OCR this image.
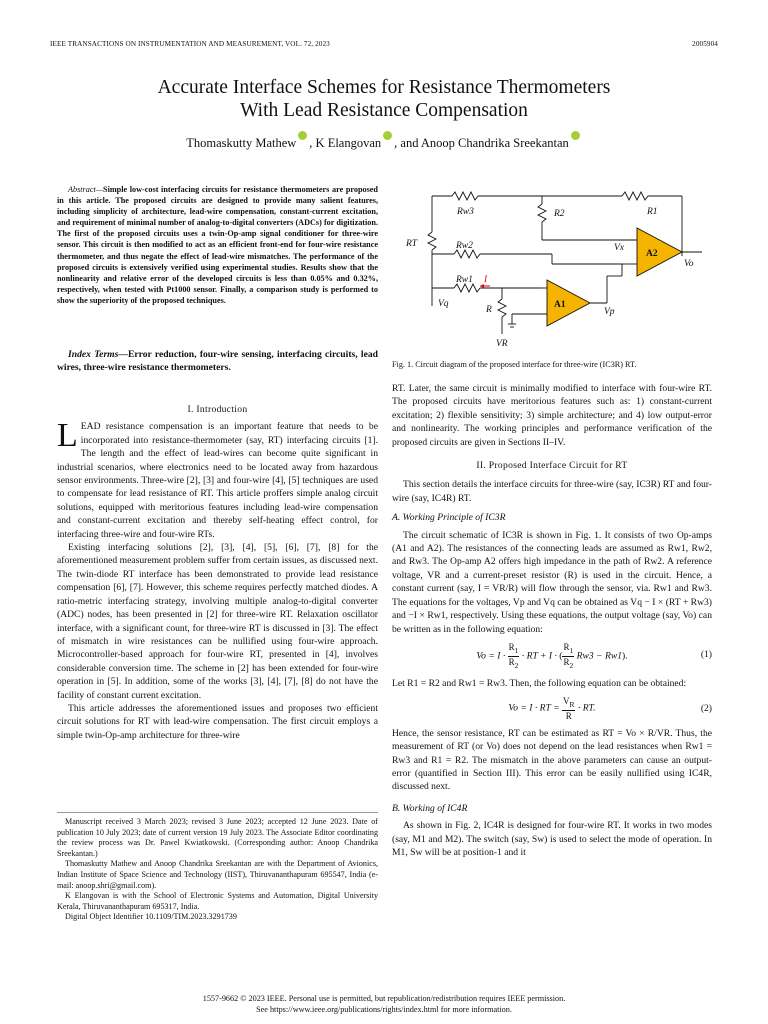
IEEE TRANSACTIONS ON INSTRUMENTATION AND MEASUREMENT, VOL. 72, 2023	2005904
Accurate Interface Schemes for Resistance Thermometers
With Lead Resistance Compensation
Thomaskutty Mathew , K Elangovan , and Anoop Chandrika Sreekantan

Abstract—Simple low-cost interfacing circuits for resistance thermometers are proposed in this article. The proposed circuits are designed to provide many salient features, including simplicity of architecture, lead-wire compensation, constant-current excitation, and requirement of minimal number of analog-to-digital converters (ADCs) for digitization. The first of the proposed circuits uses a twin-Op-amp signal conditioner for three-wire sensor. This circuit is then modified to act as an efficient front-end for four-wire resistance thermometer, and thus negate the effect of lead-wire mismatches. The performance of the proposed circuits is extensively verified using experimental studies. Results show that the nonlinearity and relative error of the developed circuits is less than 0.05% and 0.32%, respectively, when tested with Pt1000 sensor. Finally, a comparison study is performed to show the superiority of the proposed techniques.

Index Terms—Error reduction, four-wire sensing, interfacing circuits, lead wires, three-wire resistance thermometers.

I. Introduction

LEAD resistance compensation is an important feature that needs to be incorporated into resistance-thermometer (say, RT) interfacing circuits [1]. The length and the effect of lead-wires can become quite significant in industrial scenarios, where electronics need to be located away from hazardous sensor environments. Three-wire [2], [3] and four-wire [4], [5] techniques are used to compensate for lead resistance of RT. This article proffers simple analog circuit solutions, equipped with meritorious features including lead-wire compensation and constant-current excitation and thereby self-heating effect control, for interfacing three-wire and four-wire RTs.

Existing interfacing solutions [2], [3], [4], [5], [6], [7], [8] for the aforementioned measurement problem suffer from certain issues, as discussed next. The twin-diode RT interface has been demonstrated to provide lead resistance compensation [6], [7]. However, this scheme requires perfectly matched diodes. A ratio-metric interfacing strategy, involving multiple analog-to-digital converter (ADC) nodes, has been presented in [2] for three-wire RT. Relaxation oscillator interface, with a significant count, for three-wire RT is discussed in [3]. The effect of mismatch in wire resistances can be nullified using four-wire approach. Microcontroller-based approach for four-wire RT, presented in [4], involves considerable conversion time. The scheme in [2] has been extended for four-wire operation in [5]. In addition, some of the works [3], [4], [7], [8] do not have the facility of constant current excitation.

This article addresses the aforementioned issues and proposes two efficient circuit solutions for RT with lead-wire compensation. The first circuit employs a simple twin-Op-amp architecture for three-wire

Manuscript received 3 March 2023; revised 3 June 2023; accepted 12 June 2023. Date of publication 10 July 2023; date of current version 19 July 2023. The Associate Editor coordinating the review process was Dr. Pawel Kwiatkowski. (Corresponding author: Anoop Chandrika Sreekantan.)

Thomaskutty Mathew and Anoop Chandrika Sreekantan are with the Department of Avionics, Indian Institute of Space Science and Technology (IIST), Thiruvananthapuram 695547, India (e-mail: anoop.shri@gmail.com).

K Elangovan is with the School of Electronic Systems and Automation, Digital University Kerala, Thiruvananthapuram 695317, India.

Digital Object Identifier 10.1109/TIM.2023.3291739

Rw3	R2	R1
RT	Rw2	Vx
A2
Vo
Rw1 I
Vq	A1
Vp
R
VR
Fig. 1. Circuit diagram of the proposed interface for three-wire (IC3R) RT.

RT. Later, the same circuit is minimally modified to interface with four-wire RT. The proposed circuits have meritorious features such as: 1) constant-current excitation; 2) flexible sensitivity; 3) simple architecture; and 4) low output-error and nonlinearity. The working principles and performance verification of the proposed circuits are given in Sections II–IV.

II. Proposed Interface Circuit for RT

This section details the interface circuits for three-wire (say, IC3R) RT and four-wire (say, IC4R) RT.

A. Working Principle of IC3R

The circuit schematic of IC3R is shown in Fig. 1. It consists of two Op-amps (A1 and A2). The resistances of the connecting leads are assumed as Rw1, Rw2, and Rw3. The Op-amp A2 offers high impedance in the path of Rw2. A reference voltage, VR and a current-preset resistor (R) is used in the circuit. Hence, a constant current (say, I = VR/R) will flow through the sensor, via. Rw1 and Rw3. The equations for the voltages, Vp and Vq can be obtained as Vq − I × (RT + Rw3) and −I × Rw1, respectively. Using these equations, the output voltage (say, Vo) can be written as in the following equation:

$Vo = I \cdot \frac{R_1}{R_2}$ · RT + I · ( $\frac{R_1}{R_2} Rw3 - Rw1$).	(1)

Let R1 = R2 and Rw1 = Rw3. Then, the following equation can be obtained:

Vo = I · RT = $\frac{V_R}{R}$ · RT.	(2)

Hence, the sensor resistance, RT can be estimated as RT = Vo × R/VR. Thus, the measurement of RT (or Vo) does not depend on the lead resistances when Rw1 = Rw3 and R1 = R2. The mismatch in the above parameters can cause an output-error (quantified in Section III). This error can be easily nullified using IC4R, discussed next.

B. Working of IC4R

As shown in Fig. 2, IC4R is designed for four-wire RT. It works in two modes (say, M1 and M2). The switch (say, Sw) is used to select the mode of operation. In M1, Sw will be at position-1 and it

1557-9662 © 2023 IEEE. Personal use is permitted, but republication/redistribution requires IEEE permission.
See https://www.ieee.org/publications/rights/index.html for more information.
